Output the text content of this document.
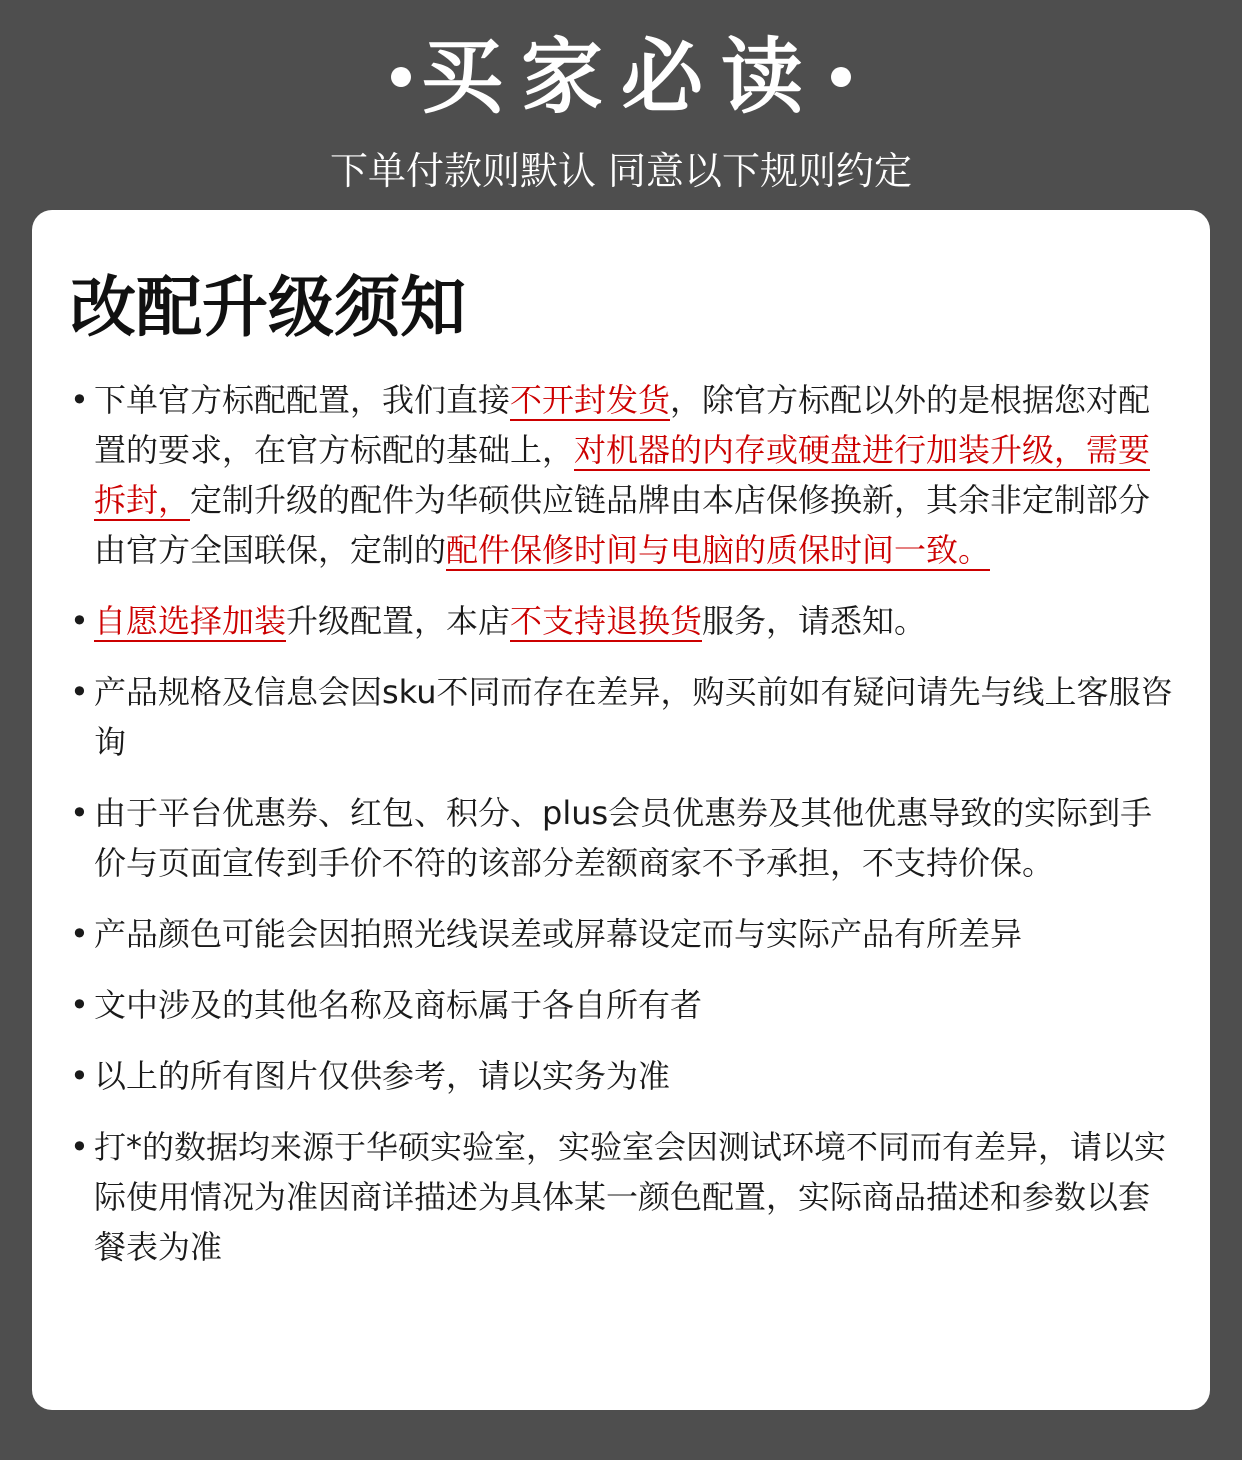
买家必读
下单付款则默认 同意以下规则约定
改配升级须知
• 下单官方标配配置，我们直接不开封发货，除官方标配以外的是根据您对配置的要求，在官方标配的基础上，对机器的内存或硬盘进行加装升级，需要拆封，定制升级的配件为华硕供应链品牌由本店保修换新，其余非定制部分由官方全国联保，定制的配件保修时间与电脑的质保时间一致。
• 自愿选择加装升级配置，本店不支持退换货服务，请悉知。
• 产品规格及信息会因sku不同而存在差异，购买前如有疑问请先与线上客服咨询
• 由于平台优惠券、红包、积分、plus会员优惠券及其他优惠导致的实际到手价与页面宣传到手价不符的该部分差额商家不予承担，不支持价保。
• 产品颜色可能会因拍照光线误差或屏幕设定而与实际产品有所差异
• 文中涉及的其他名称及商标属于各自所有者
• 以上的所有图片仅供参考，请以实务为准
• 打*的数据均来源于华硕实验室，实验室会因测试环境不同而有差异，请以实际使用情况为准因商详描述为具体某一颜色配置，实际商品描述和参数以套餐表为准
